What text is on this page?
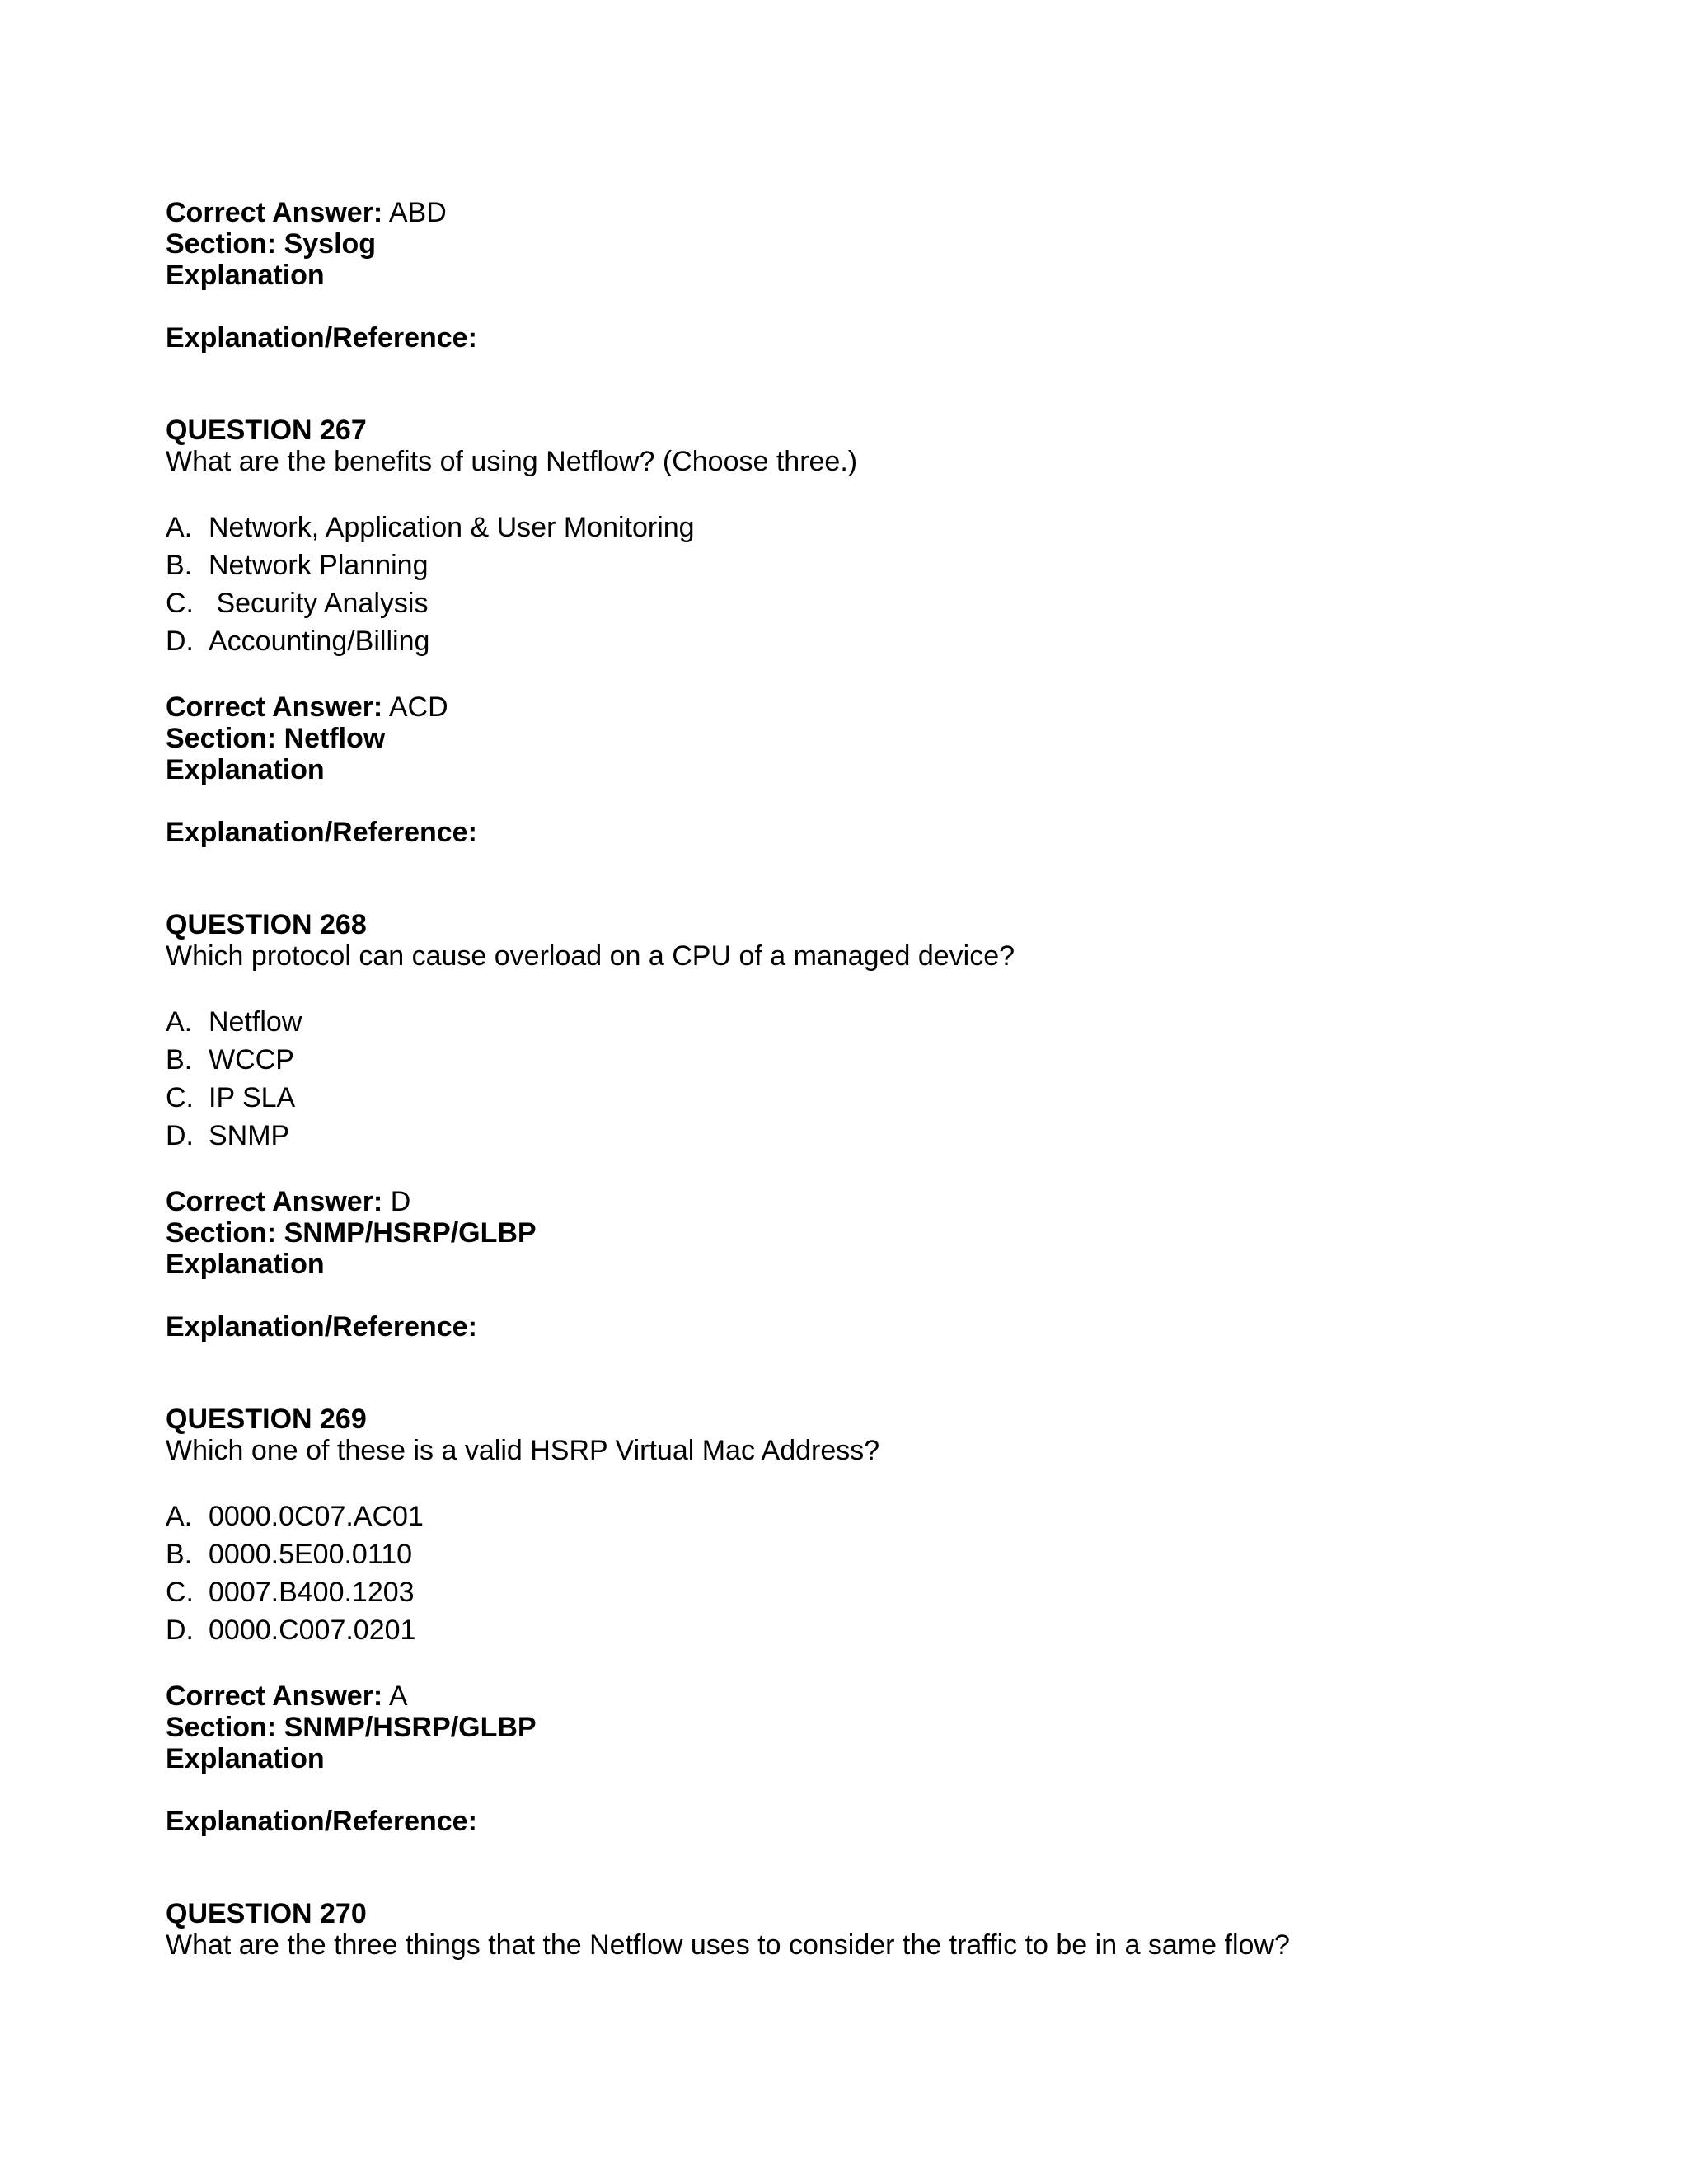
Correct Answer: ABD
Section: Syslog
Explanation
Explanation/Reference:
QUESTION 267
What are the benefits of using Netflow? (Choose three.)
A. Network, Application & User Monitoring
B. Network Planning
C. Security Analysis
D. Accounting/Billing
Correct Answer: ACD
Section: Netflow
Explanation
Explanation/Reference:
QUESTION 268
Which protocol can cause overload on a CPU of a managed device?
A. Netflow
B. WCCP
C. IP SLA
D. SNMP
Correct Answer: D
Section: SNMP/HSRP/GLBP
Explanation
Explanation/Reference:
QUESTION 269
Which one of these is a valid HSRP Virtual Mac Address?
A. 0000.0C07.AC01
B. 0000.5E00.0110
C. 0007.B400.1203
D. 0000.C007.0201
Correct Answer: A
Section: SNMP/HSRP/GLBP
Explanation
Explanation/Reference:
QUESTION 270
What are the three things that the Netflow uses to consider the traffic to be in a same flow?
